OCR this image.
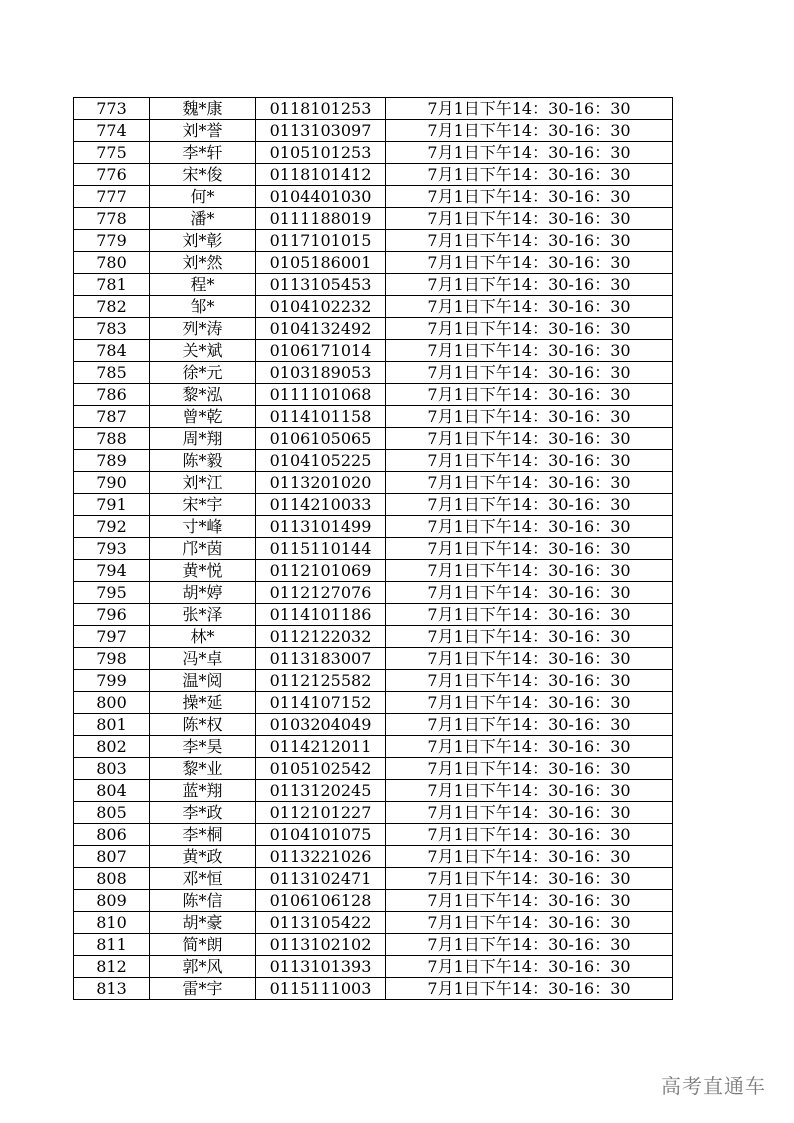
773	魏*康	0118101253	7月1日下午14：30-16：30
774	刘*誉	0113103097	7月1日下午14：30-16：30
775	李*轩	0105101253	7月1日下午14：30-16：30
776	宋*俊	0118101412	7月1日下午14：30-16：30
777	何*	0104401030	7月1日下午14：30-16：30
778	潘*	0111188019	7月1日下午14：30-16：30
779	刘*彰	0117101015	7月1日下午14：30-16：30
780	刘*然	0105186001	7月1日下午14：30-16：30
781	程*	0113105453	7月1日下午14：30-16：30
782	邹*	0104102232	7月1日下午14：30-16：30
783	列*涛	0104132492	7月1日下午14：30-16：30
784	关*斌	0106171014	7月1日下午14：30-16：30
785	徐*元	0103189053	7月1日下午14：30-16：30
786	黎*泓	0111101068	7月1日下午14：30-16：30
787	曾*乾	0114101158	7月1日下午14：30-16：30
788	周*翔	0106105065	7月1日下午14：30-16：30
789	陈*毅	0104105225	7月1日下午14：30-16：30
790	刘*江	0113201020	7月1日下午14：30-16：30
791	宋*宇	0114210033	7月1日下午14：30-16：30
792	寸*峰	0113101499	7月1日下午14：30-16：30
793	邝*茵	0115110144	7月1日下午14：30-16：30
794	黄*悦	0112101069	7月1日下午14：30-16：30
795	胡*婷	0112127076	7月1日下午14：30-16：30
796	张*泽	0114101186	7月1日下午14：30-16：30
797	林*	0112122032	7月1日下午14：30-16：30
798	冯*卓	0113183007	7月1日下午14：30-16：30
799	温*阅	0112125582	7月1日下午14：30-16：30
800	操*延	0114107152	7月1日下午14：30-16：30
801	陈*权	0103204049	7月1日下午14：30-16：30
802	李*昊	0114212011	7月1日下午14：30-16：30
803	黎*业	0105102542	7月1日下午14：30-16：30
804	蓝*翔	0113120245	7月1日下午14：30-16：30
805	李*政	0112101227	7月1日下午14：30-16：30
806	李*桐	0104101075	7月1日下午14：30-16：30
807	黄*政	0113221026	7月1日下午14：30-16：30
808	邓*恒	0113102471	7月1日下午14：30-16：30
809	陈*信	0106106128	7月1日下午14：30-16：30
810	胡*豪	0113105422	7月1日下午14：30-16：30
811	简*朗	0113102102	7月1日下午14：30-16：30
812	郭*风	0113101393	7月1日下午14：30-16：30
813	雷*宇	0115111003	7月1日下午14：30-16：30
高考直通车
